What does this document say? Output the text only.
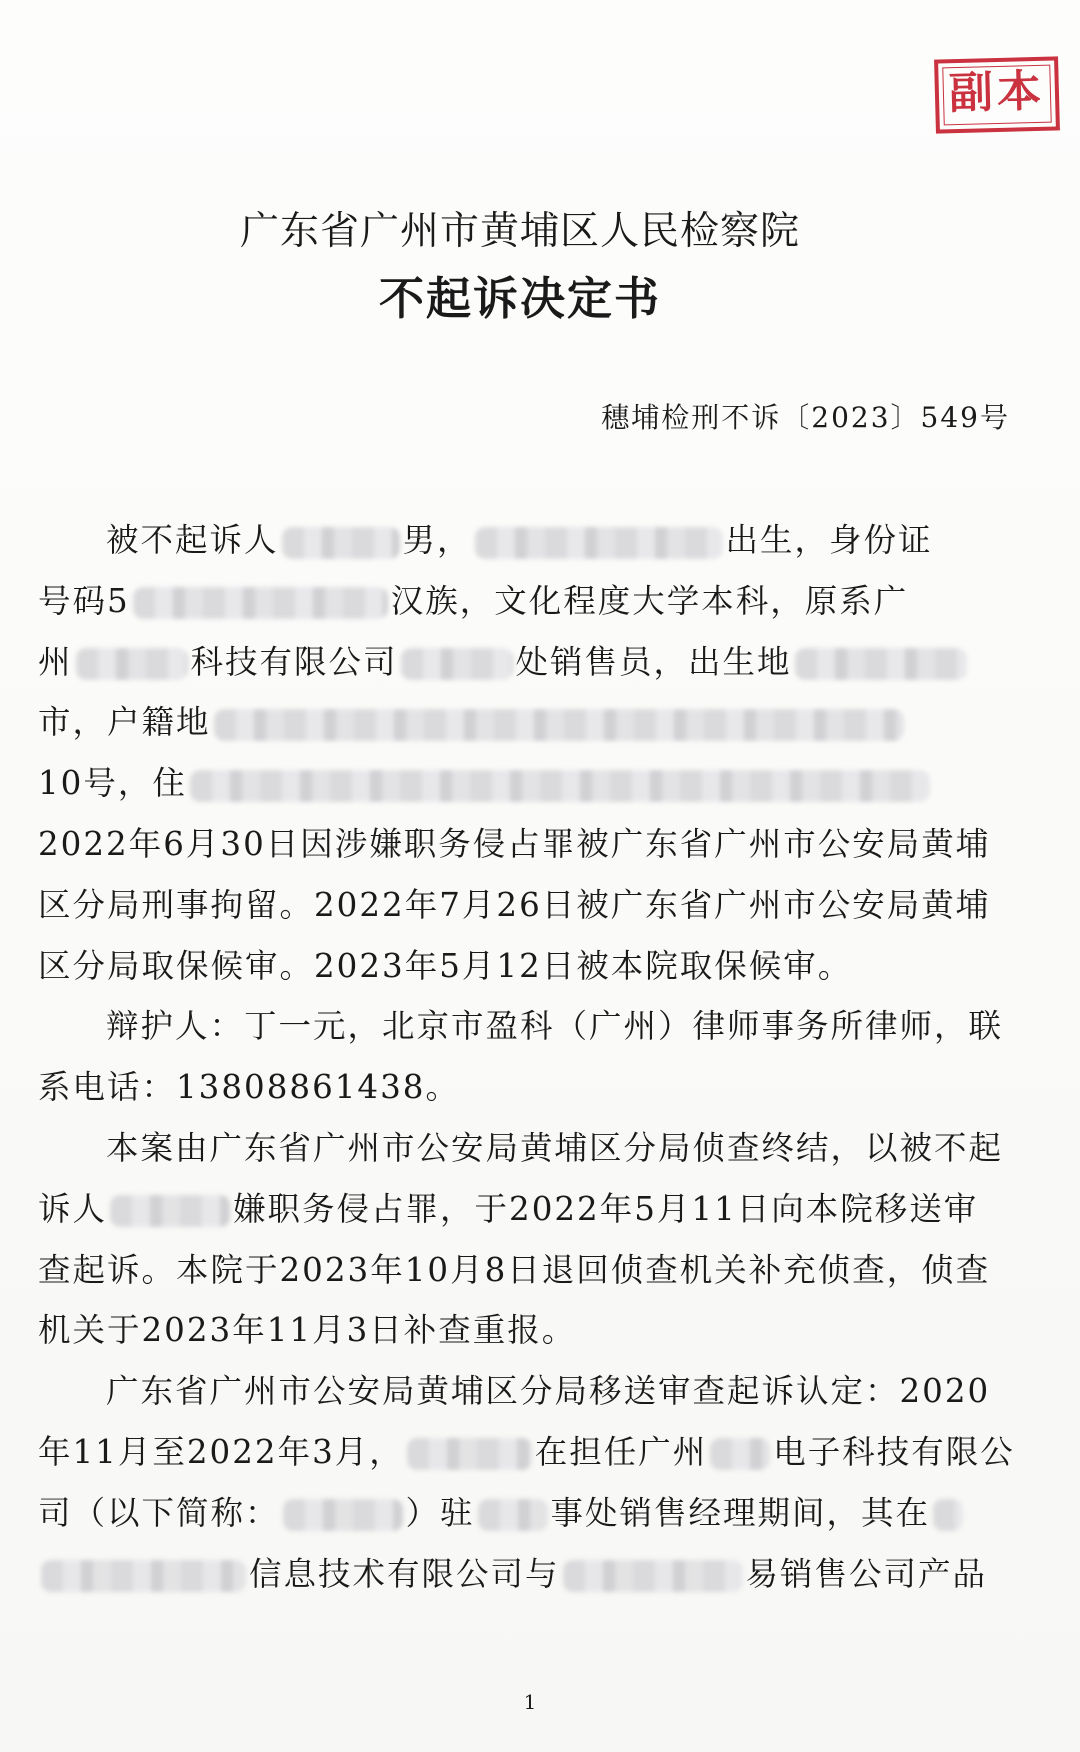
副本
广东省广州市黄埔区人民检察院
不起诉决定书
穗埔检刑不诉〔2023〕549号
被不起诉人	男，	出生，身份证
号码5	汉族，文化程度大学本科，原系广
州	科技有限公司	处销售员，出生地
市，户籍地
10号，住
2022年6月30日因涉嫌职务侵占罪被广东省广州市公安局黄埔
区分局刑事拘留。2022年7月26日被广东省广州市公安局黄埔
区分局取保候审。2023年5月12日被本院取保候审。
辩护人：丁一元，北京市盈科（广州）律师事务所律师，联
系电话：13808861438。
本案由广东省广州市公安局黄埔区分局侦查终结，以被不起
诉人	嫌职务侵占罪，于2022年5月11日向本院移送审
查起诉。本院于2023年10月8日退回侦查机关补充侦查，侦查
机关于2023年11月3日补查重报。
广东省广州市公安局黄埔区分局移送审查起诉认定：2020
年11月至2022年3月，	在担任广州 电子科技有限公
司（以下简称：	）驻 事处销售经理期间，其在
信息技术有限公司与	易销售公司产品
1
